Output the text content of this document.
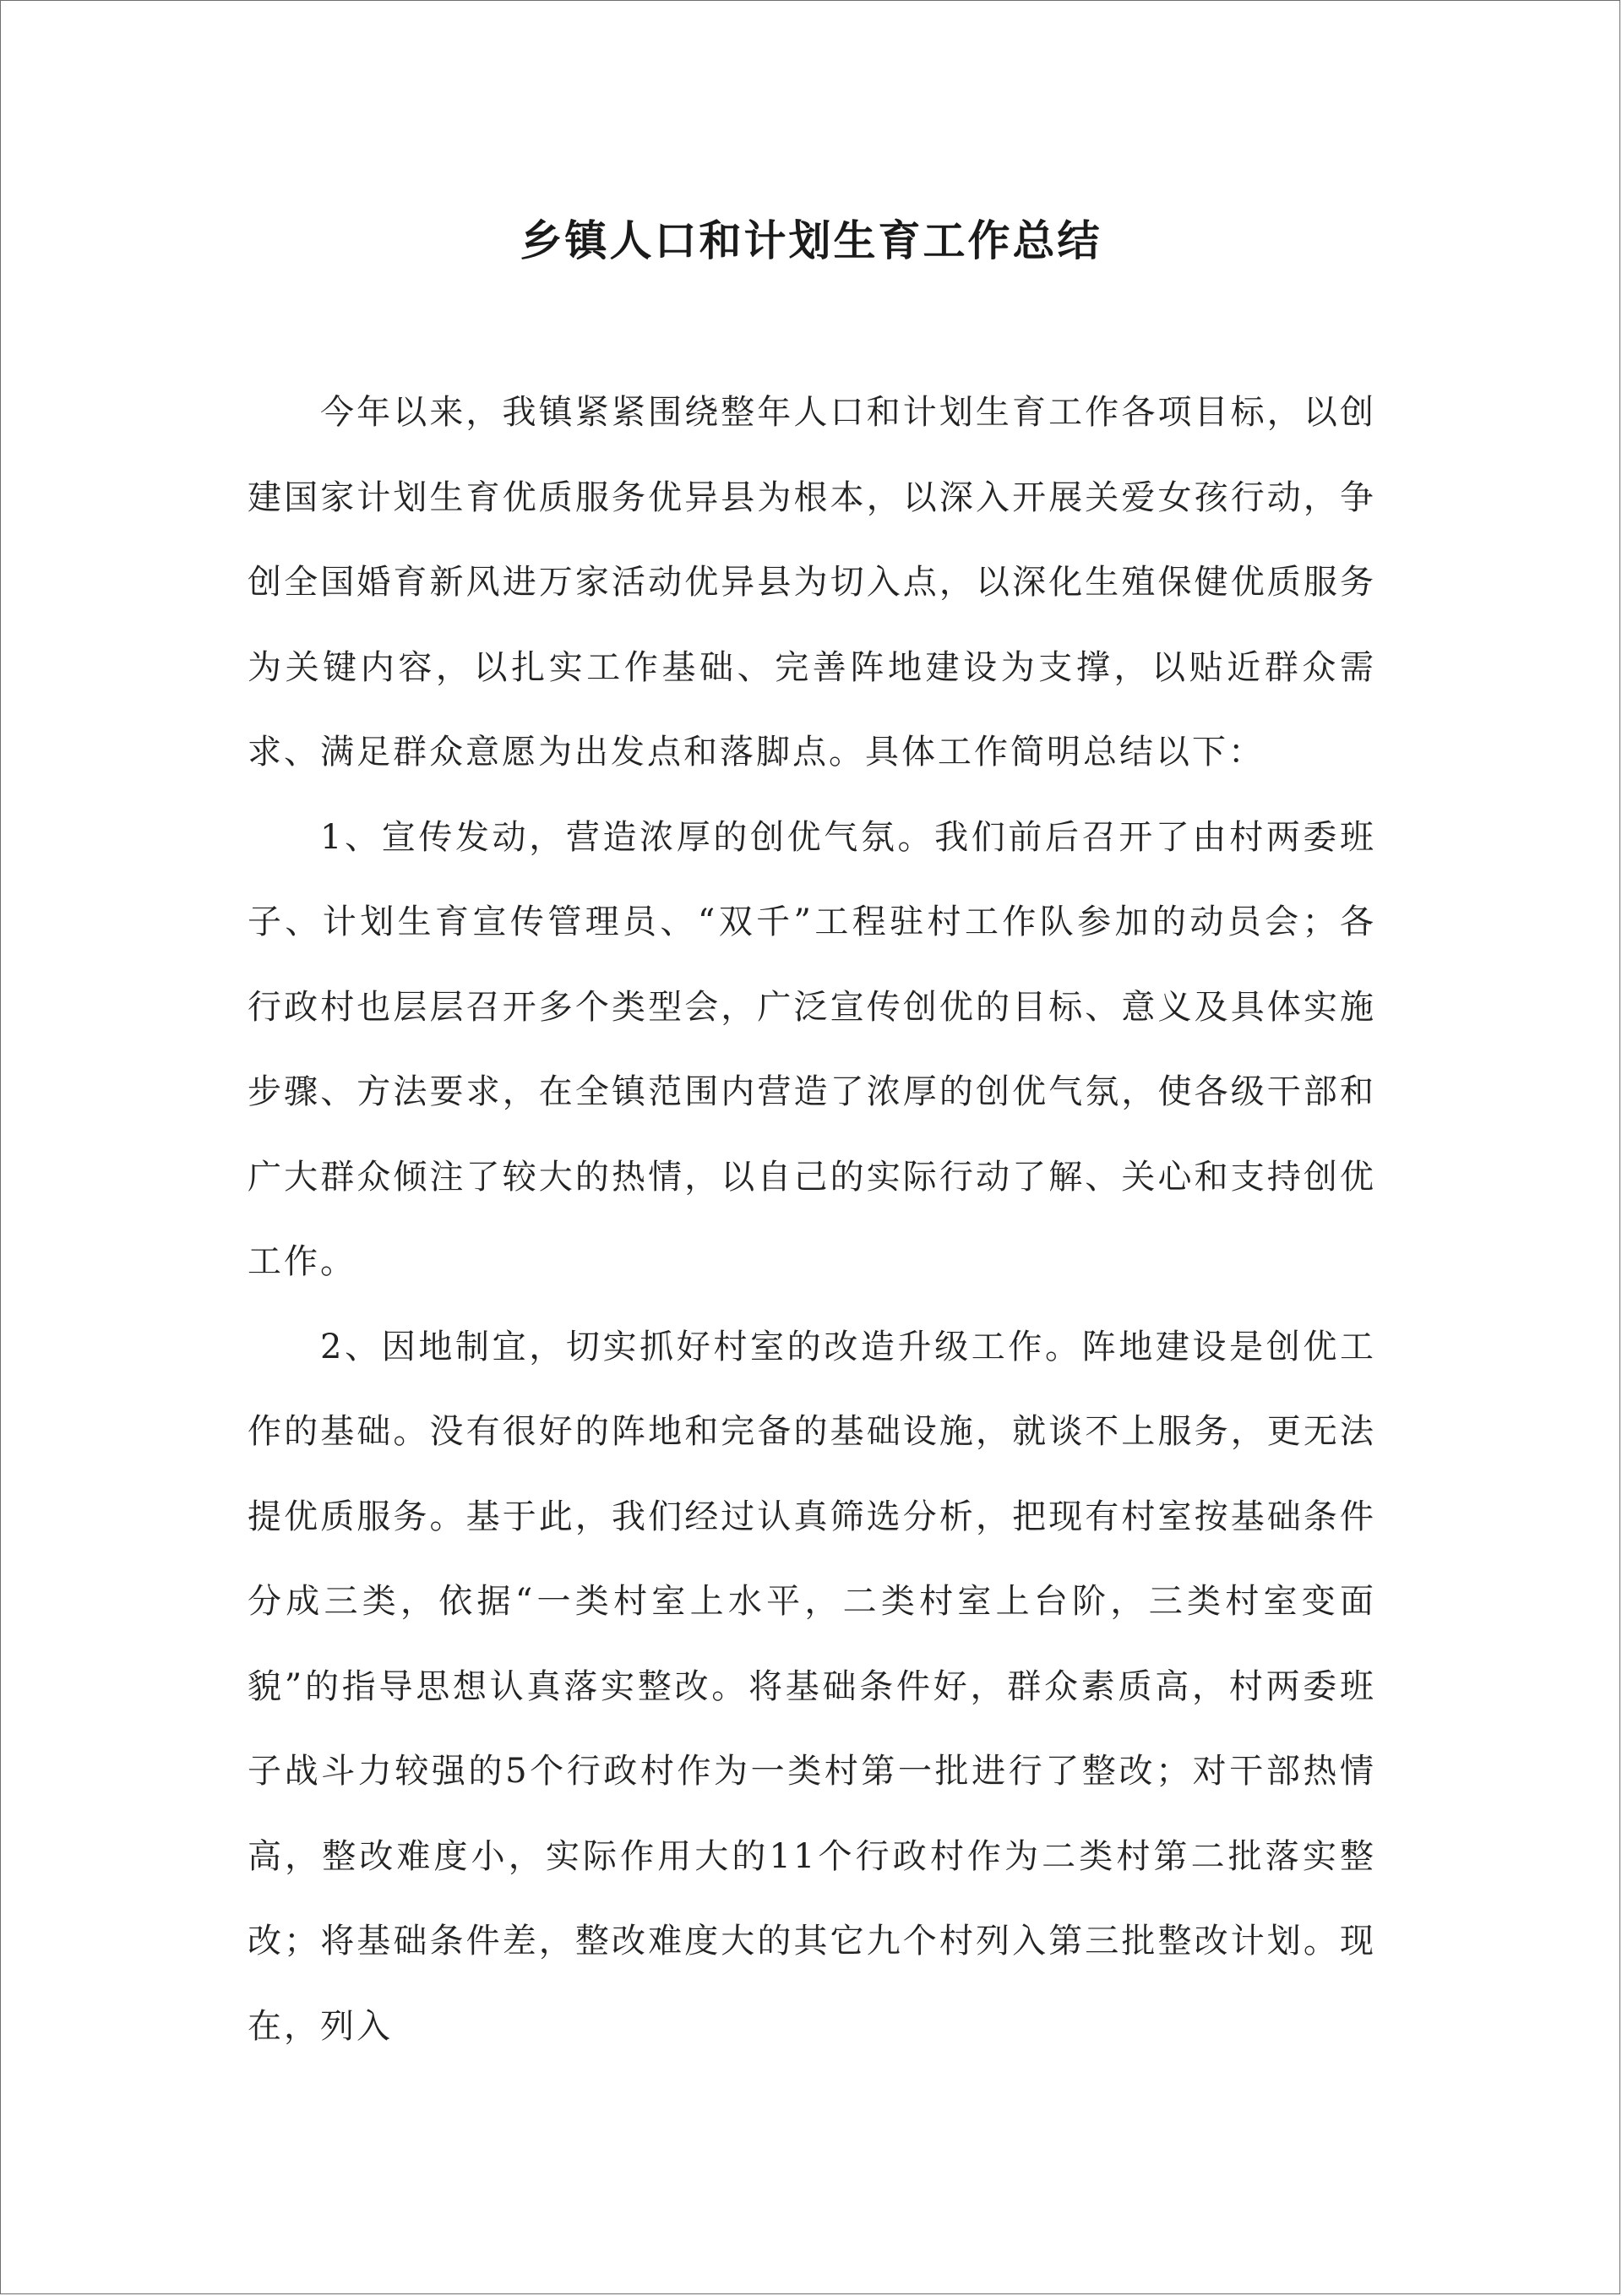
乡镇人口和计划生育工作总结

今年以来，我镇紧紧围绕整年人口和计划生育工作各项目标，以创建国家计划生育优质服务优异县为根本，以深入开展关爱女孩行动，争创全国婚育新风进万家活动优异县为切入点，以深化生殖保健优质服务为关键内容，以扎实工作基础、完善阵地建设为支撑，以贴近群众需求、满足群众意愿为出发点和落脚点。具体工作简明总结以下：

1、宣传发动，营造浓厚的创优气氛。我们前后召开了由村两委班子、计划生育宣传管理员、“双千”工程驻村工作队参加的动员会；各行政村也层层召开多个类型会，广泛宣传创优的目标、意义及具体实施步骤、方法要求，在全镇范围内营造了浓厚的创优气氛，使各级干部和广大群众倾注了较大的热情，以自己的实际行动了解、关心和支持创优工作。

2、因地制宜，切实抓好村室的改造升级工作。阵地建设是创优工作的基础。没有很好的阵地和完备的基础设施，就谈不上服务，更无法提优质服务。基于此，我们经过认真筛选分析，把现有村室按基础条件分成三类，依据“一类村室上水平，二类村室上台阶，三类村室变面貌”的指导思想认真落实整改。将基础条件好，群众素质高，村两委班子战斗力较强的5个行政村作为一类村第一批进行了整改；对干部热情高，整改难度小，实际作用大的11个行政村作为二类村第二批落实整改；将基础条件差，整改难度大的其它九个村列入第三批整改计划。现在，列入
